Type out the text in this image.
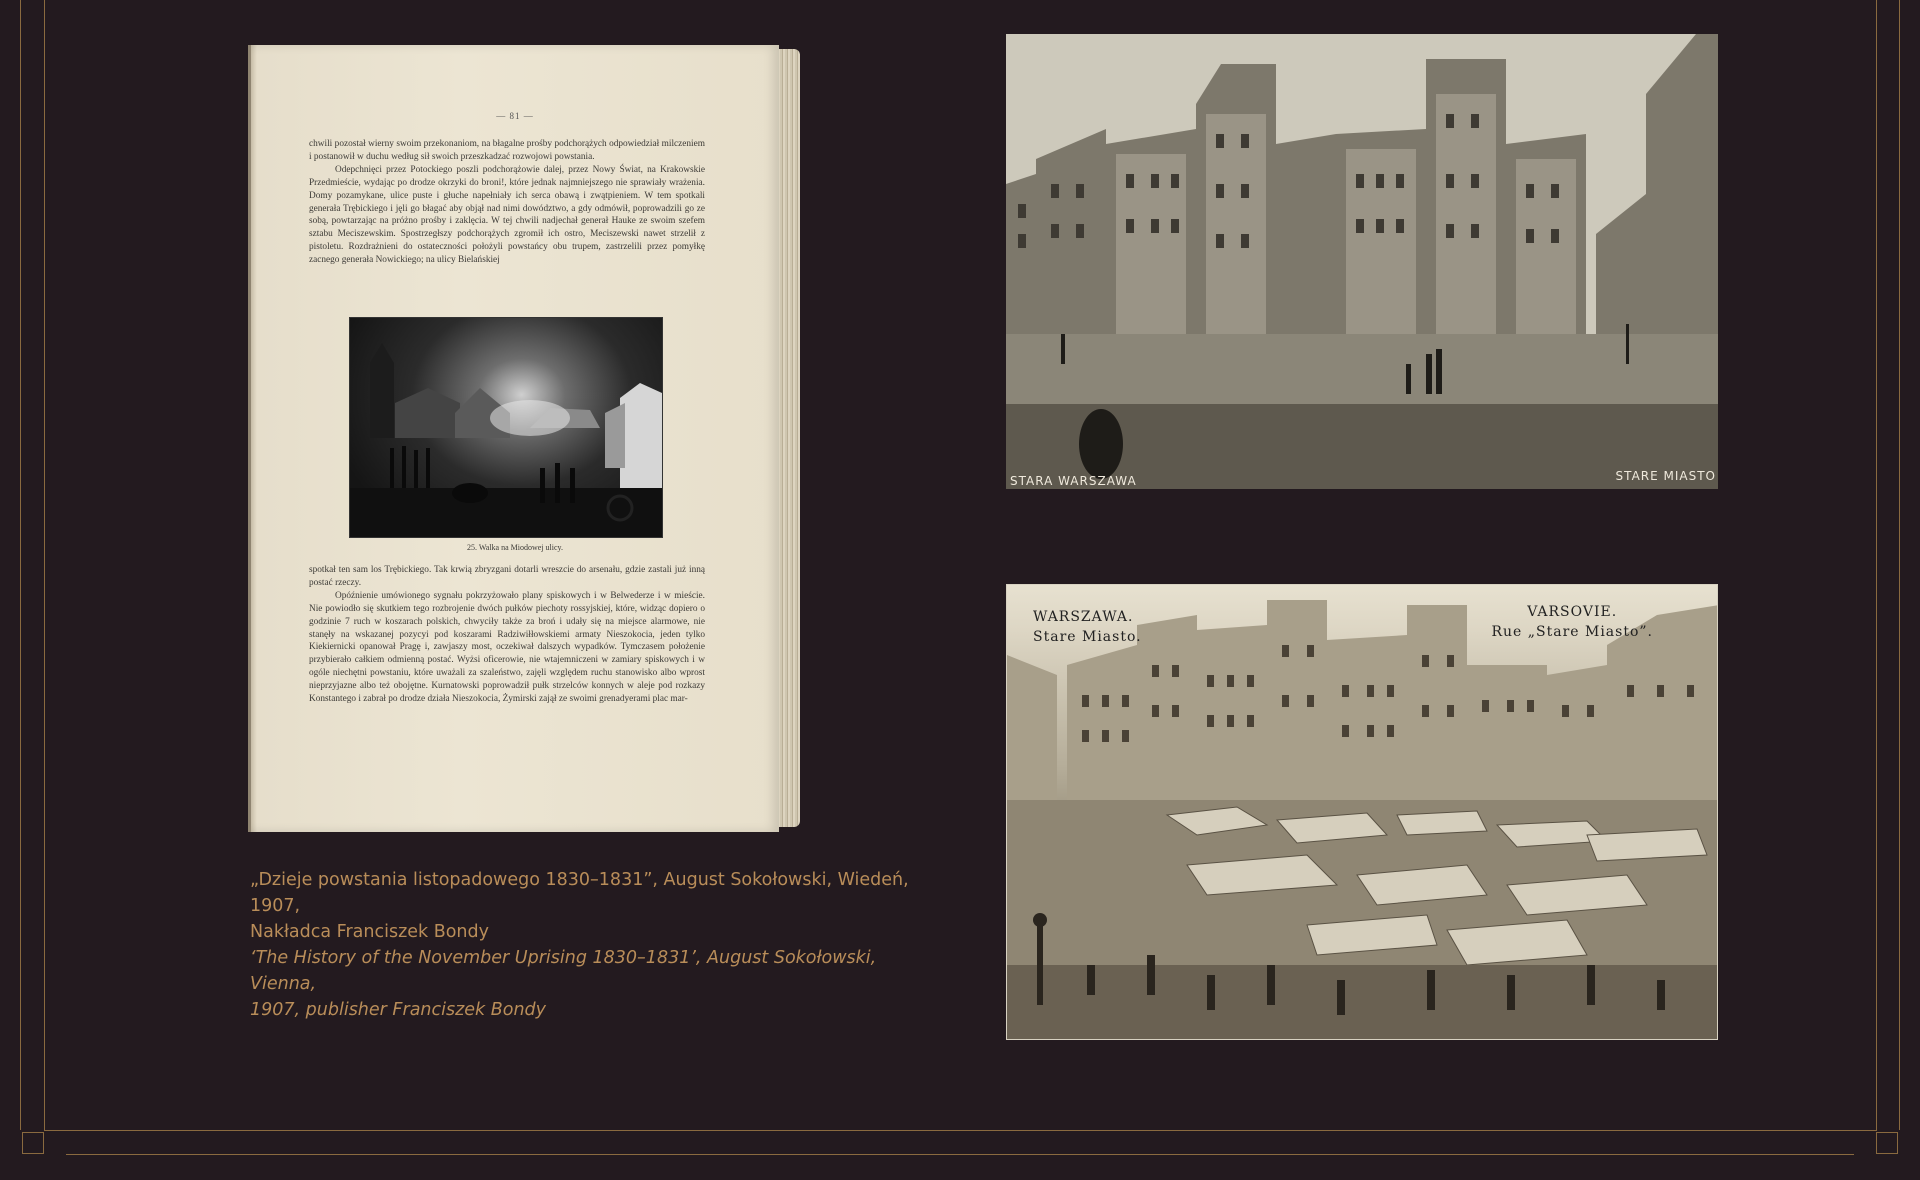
— 81 —

chwili pozostał wierny swoim przekonaniom, na błagalne prośby podchorążych odpowiedział milczeniem i postanowił w duchu według sił swoich przeszkadzać rozwojowi powstania.

Odepchnięci przez Potockiego poszli podchorążowie dalej, przez Nowy Świat, na Krakowskie Przedmieście, wydając po drodze okrzyki do broni!, które jednak najmniejszego nie sprawiały wrażenia. Domy pozamykane, ulice puste i głuche napełniały ich serca obawą i zwątpieniem. W tem spotkali generała Trębickiego i jęli go błagać aby objął nad nimi dowództwo, a gdy odmówił, poprowadzili go ze sobą, powtarzając na próżno prośby i zaklęcia. W tej chwili nadjechał generał Hauke ze swoim szefem sztabu Meciszewskim. Spostrzegłszy podchorążych zgromił ich ostro, Meciszewski nawet strzelił z pistoletu. Rozdrażnieni do ostateczności położyli powstańcy obu trupem, zastrzelili przez pomyłkę zacnego generała Nowickiego; na ulicy Bielańskiej

25. Walka na Miodowej ulicy.

spotkał ten sam los Trębickiego. Tak krwią zbryzgani dotarli wreszcie do arsenału, gdzie zastali już inną postać rzeczy.

Opóźnienie umówionego sygnału pokrzyżowało plany spiskowych i w Belwederze i w mieście. Nie powiodło się skutkiem tego rozbrojenie dwóch pułków piechoty rossyjskiej, które, widząc dopiero o godzinie 7 ruch w koszarach polskich, chwyciły także za broń i udały się na miejsce alarmowe, nie stanęły na wskazanej pozycyi pod koszarami Radziwiłłowskiemi armaty Nieszokocia, jeden tylko Kiekiernicki opanował Pragę i, zawjaszy most, oczekiwał dalszych wypadków. Tymczasem położenie przybierało całkiem odmienną postać. Wyżsi oficerowie, nie wtajemniczeni w zamiary spiskowych i w ogóle niechętni powstaniu, które uważali za szaleństwo, zajęli względem ruchu stanowisko albo wprost nieprzyjazne albo też obojętne. Kurnatowski poprowadził pułk strzelców konnych w aleje pod rozkazy Konstantego i zabrał po drodze działa Nieszokocia, Żymirski zajął ze swoimi grenadyerami plac mar-

„Dzieje powstania listopadowego 1830–1831”, August Sokołowski, Wiedeń, 1907,
Nakładca Franciszek Bondy
‘The History of the November Uprising 1830–1831’, August Sokołowski, Vienna,
1907, publisher Franciszek Bondy
STARA WARSZAWA	STARE MIASTO
WARSZAWA.
Stare Miasto.
VARSOVIE.
Rue „Stare Miasto”.
